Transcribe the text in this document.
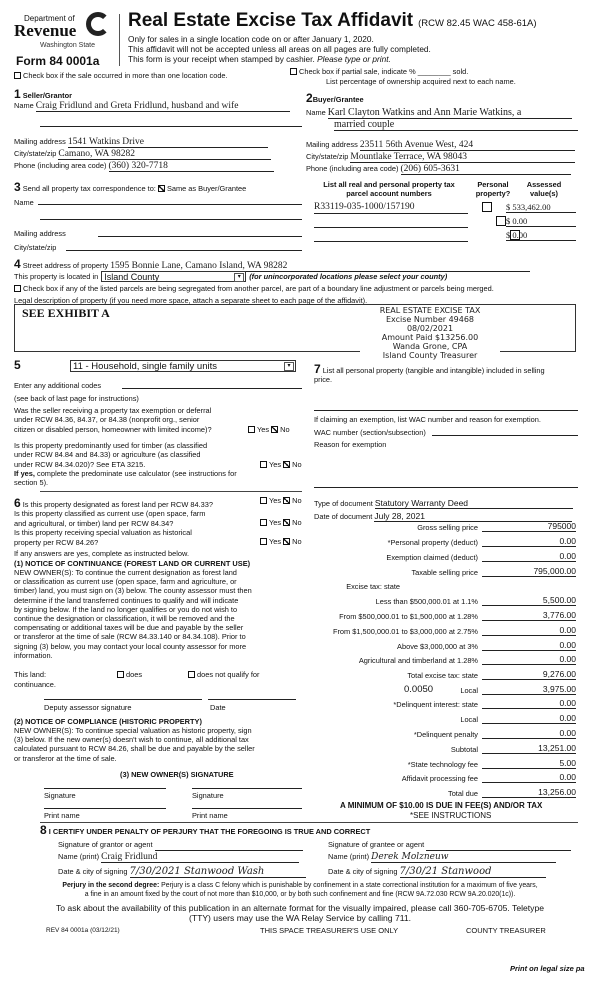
Department of
Revenue
Washington State
Form 84 0001a
Real Estate Excise Tax Affidavit (RCW 82.45 WAC 458-61A)
Only for sales in a single location code on or after January 1, 2020.
This affidavit will not be accepted unless all areas on all pages are fully completed.
This form is your receipt when stamped by cashier. Please type or print.
Check box if the sale occurred in more than one location code.	Check box if partial sale, indicate % ________ sold.
List percentage of ownership acquired next to each name.
1 Seller/Grantor
Name Craig Fridlund and Greta Fridlund, husband and wife
Mailing address 1541 Watkins Drive
City/state/zip Camano, WA 98282
Phone (including area code) (360) 320-7718
2Buyer/Grantee
Name Karl Clayton Watkins and Ann Marie Watkins, a
married couple
Mailing address 23511 56th Avenue West, 424
City/state/zip Mountlake Terrace, WA 98043
Phone (including area code) (206) 605-3631
3 Send all property tax correspondence to: Same as Buyer/Grantee
Name
Mailing address
City/state/zip
List all real and personal property tax
parcel account numbers
Personal
property?
Assessed
value(s)
R33119-035-1000/157190
	$ 533,462.00
$ 0.00
$ 0.00
4 Street address of property 1595 Bonnie Lane, Camano Island, WA 98282
This property is located in Island County	▾	(for unincorporated locations please select your county)
Check box if any of the listed parcels are being segregated from another parcel, are part of a boundary line adjustment or parcels being merged.
Legal description of property (if you need more space, attach a separate sheet to each page of the affidavit).
SEE EXHIBIT A	REAL ESTATE EXCISE TAX
Excise Number 49468
08/02/2021
Amount Paid $13256.00
Wanda Grone, CPA
Island County Treasurer
5	11 - Household, single family units	▾
Enter any additional codes
(see back of last page for instructions)
Was the seller receiving a property tax exemption or deferral
under RCW 84.36, 84.37, or 84.38 (nonprofit org., senior
citizen or disabled person, homeowner with limited income)?	Yes No
Is this property predominantly used for timber (as classified
under RCW 84.84 and 84.33) or agriculture (as classified
under RCW 84.34.020)? See ETA 3215.
If yes, complete the predominate use calculator (see instructions for
section 5).
Yes No
6 Is this property designated as forest land per RCW 84.33?	Yes No
Is this property classified as current use (open space, farm
and agricultural, or timber) land per RCW 84.34?	Yes No
Is this property receiving special valuation as historical
property per RCW 84.26?	Yes No
If any answers are yes, complete as instructed below.
(1) NOTICE OF CONTINUANCE (FOREST LAND OR CURRENT USE)
NEW OWNER(S): To continue the current designation as forest land
or classification as current use (open space, farm and agriculture, or
timber) land, you must sign on (3) below. The county assessor must then
determine if the land transferred continues to qualify and will indicate
by signing below. If the land no longer qualifies or you do not wish to
continue the designation or classification, it will be removed and the
compensating or additional taxes will be due and payable by the seller
or transferor at the time of sale (RCW 84.33.140 or 84.34.108). Prior to
signing (3) below, you may contact your local county assessor for more
information.
This land:	does	does not qualify for
continuance.
Deputy assessor signature	Date
(2) NOTICE OF COMPLIANCE (HISTORIC PROPERTY)
NEW OWNER(S): To continue special valuation as historic property, sign
(3) below. If the new owner(s) doesn't wish to continue, all additional tax
calculated pursuant to RCW 84.26, shall be due and payable by the seller
or transferor at the time of sale.
(3) NEW OWNER(S) SIGNATURE
Signature	Signature
Print name	Print name
7 List all personal property (tangible and intangible) included in selling
price.
If claiming an exemption, list WAC number and reason for exemption.
WAC number (section/subsection)
Reason for exemption
Type of document Statutory Warranty Deed
Date of document July 28, 2021
Gross selling price	795000
*Personal property (deduct)	0.00
Exemption claimed (deduct)	0.00
Taxable selling price	795,000.00
Excise tax: state
Less than $500,000.01 at 1.1%	5,500.00
From $500,000.01 to $1,500,000 at 1.28%	3,776.00
From $1,500,000.01 to $3,000,000 at 2.75%	0.00
Above $3,000,000 at 3%	0.00
Agricultural and timberland at 1.28%	0.00
Total excise tax: state	9,276.00
Local	3,975.00
*Delinquent interest: state	0.00
Local	0.00
*Delinquent penalty	0.00
Subtotal	13,251.00
*State technology fee	5.00
Affidavit processing fee	0.00
Total due	13,256.00
0.0050
A MINIMUM OF $10.00 IS DUE IN FEE(S) AND/OR TAX
*SEE INSTRUCTIONS
8 I CERTIFY UNDER PENALTY OF PERJURY THAT THE FOREGOING IS TRUE AND CORRECT
Signature of grantor or agent
Name (print) Craig Fridlund
Date & city of signing 7/30/2021 Stanwood Wash
Signature of grantee or agent
Name (print) Derek Molzneuw
Date & city of signing 7/30/21 Stanwood
Perjury in the second degree: Perjury is a class C felony which is punishable by confinement in a state correctional institution for a maximum of five years,
a fine in an amount fixed by the court of not more than $10,000, or by both such confinement and fine (RCW 9A.72.030 RCW 9A.20.020(1c)).
To ask about the availability of this publication in an alternate format for the visually impaired, please call 360-705-6705. Teletype
(TTY) users may use the WA Relay Service by calling 711.
REV 84 0001a (03/12/21)	THIS SPACE TREASURER'S USE ONLY	COUNTY TREASURER
Print on legal size pa
